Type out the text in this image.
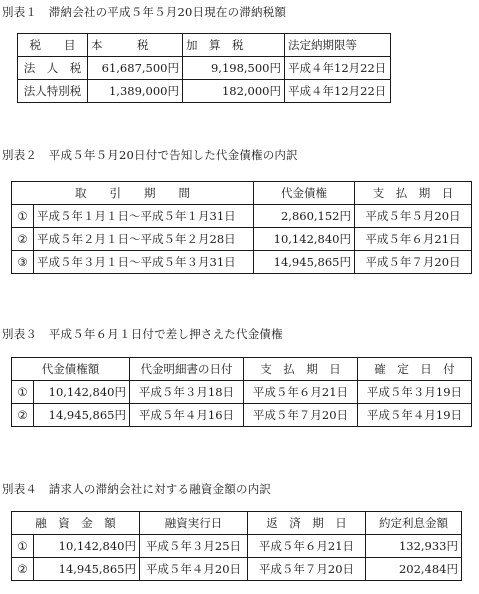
別表１　滞納会社の平成５年５月20日現在の滞納税額
税　　目	本　　　税	加　算　税	法定納期限等
法　人　税	61,687,500円	9,198,500円	平成４年12月22日
法人特別税	1,389,000円	182,000円	平成４年12月22日
別表２　平成５年５月20日付で告知した代金債権の内訳
取　　引　　期　　間		代金債権	支　払　期　日
①	平成５年１月１日〜平成５年１月31日	2,860,152円	平成５年５月20日
②	平成５年２月１日〜平成５年２月28日	10,142,840円	平成５年６月21日
③	平成５年３月１日〜平成５年３月31日	14,945,865円	平成５年７月20日
別表３　平成５年６月１日付で差し押さえた代金債権
代金債権額		代金明細書の日付	支　払　期　日	確　定　日　付
①	10,142,840円	平成５年３月18日	平成５年６月21日	平成５年３月19日
②	14,945,865円	平成５年４月16日	平成５年７月20日	平成５年４月19日
別表４　請求人の滞納会社に対する融資金額の内訳
融　資　金　額		融資実行日	返　済　期　日	約定利息金額
①	10,142,840円	平成５年３月25日	平成５年６月21日	132,933円
②	14,945,865円	平成５年４月20日	平成５年７月20日	202,484円
